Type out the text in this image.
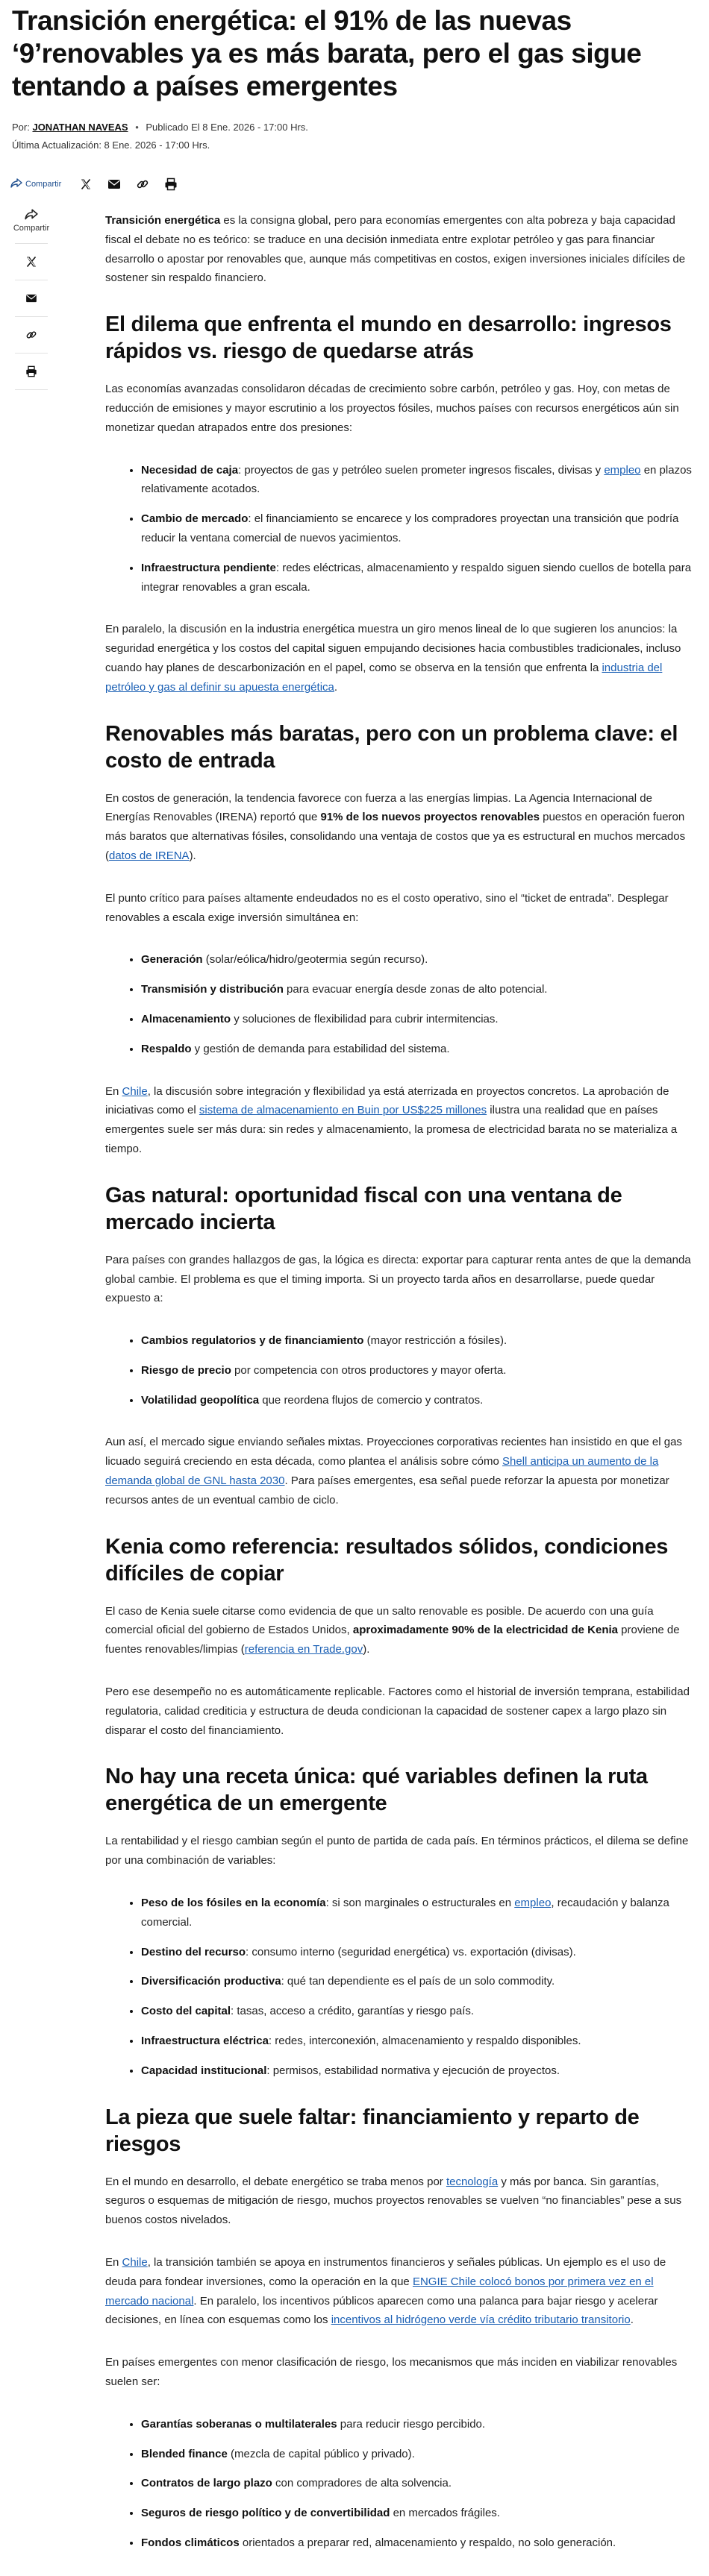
Transición energética: el 91% de las nuevas ‘9’renovables ya es más barata, pero el gas sigue tentando a países emergentes
Por: JONATHAN NAVEAS • Publicado El 8 Ene. 2026 - 17:00 Hrs.
Última Actualización: 8 Ene. 2026 - 17:00 Hrs.
Compartir
Compartir

Transición energética es la consigna global, pero para economías emergentes con alta pobreza y baja capacidad fiscal el debate no es teórico: se traduce en una decisión inmediata entre explotar petróleo y gas para financiar desarrollo o apostar por renovables que, aunque más competitivas en costos, exigen inversiones iniciales difíciles de sostener sin respaldo financiero.

El dilema que enfrenta el mundo en desarrollo: ingresos rápidos vs. riesgo de quedarse atrás

Las economías avanzadas consolidaron décadas de crecimiento sobre carbón, petróleo y gas. Hoy, con metas de reducción de emisiones y mayor escrutinio a los proyectos fósiles, muchos países con recursos energéticos aún sin monetizar quedan atrapados entre dos presiones:

• Necesidad de caja: proyectos de gas y petróleo suelen prometer ingresos fiscales, divisas y empleo en plazos relativamente acotados.
• Cambio de mercado: el financiamiento se encarece y los compradores proyectan una transición que podría reducir la ventana comercial de nuevos yacimientos.
• Infraestructura pendiente: redes eléctricas, almacenamiento y respaldo siguen siendo cuellos de botella para integrar renovables a gran escala.

En paralelo, la discusión en la industria energética muestra un giro menos lineal de lo que sugieren los anuncios: la seguridad energética y los costos del capital siguen empujando decisiones hacia combustibles tradicionales, incluso cuando hay planes de descarbonización en el papel, como se observa en la tensión que enfrenta la industria del petróleo y gas al definir su apuesta energética.

Renovables más baratas, pero con un problema clave: el costo de entrada

En costos de generación, la tendencia favorece con fuerza a las energías limpias. La Agencia Internacional de Energías Renovables (IRENA) reportó que 91% de los nuevos proyectos renovables puestos en operación fueron más baratos que alternativas fósiles, consolidando una ventaja de costos que ya es estructural en muchos mercados (datos de IRENA).

El punto crítico para países altamente endeudados no es el costo operativo, sino el “ticket de entrada”. Desplegar renovables a escala exige inversión simultánea en:

• Generación (solar/eólica/hidro/geotermia según recurso).
• Transmisión y distribución para evacuar energía desde zonas de alto potencial.
• Almacenamiento y soluciones de flexibilidad para cubrir intermitencias.
• Respaldo y gestión de demanda para estabilidad del sistema.

En Chile, la discusión sobre integración y flexibilidad ya está aterrizada en proyectos concretos. La aprobación de iniciativas como el sistema de almacenamiento en Buin por US$225 millones ilustra una realidad que en países emergentes suele ser más dura: sin redes y almacenamiento, la promesa de electricidad barata no se materializa a tiempo.

Gas natural: oportunidad fiscal con una ventana de mercado incierta

Para países con grandes hallazgos de gas, la lógica es directa: exportar para capturar renta antes de que la demanda global cambie. El problema es que el timing importa. Si un proyecto tarda años en desarrollarse, puede quedar expuesto a:

• Cambios regulatorios y de financiamiento (mayor restricción a fósiles).
• Riesgo de precio por competencia con otros productores y mayor oferta.
• Volatilidad geopolítica que reordena flujos de comercio y contratos.

Aun así, el mercado sigue enviando señales mixtas. Proyecciones corporativas recientes han insistido en que el gas licuado seguirá creciendo en esta década, como plantea el análisis sobre cómo Shell anticipa un aumento de la demanda global de GNL hasta 2030. Para países emergentes, esa señal puede reforzar la apuesta por monetizar recursos antes de un eventual cambio de ciclo.

Kenia como referencia: resultados sólidos, condiciones difíciles de copiar

El caso de Kenia suele citarse como evidencia de que un salto renovable es posible. De acuerdo con una guía comercial oficial del gobierno de Estados Unidos, aproximadamente 90% de la electricidad de Kenia proviene de fuentes renovables/limpias (referencia en Trade.gov).

Pero ese desempeño no es automáticamente replicable. Factores como el historial de inversión temprana, estabilidad regulatoria, calidad crediticia y estructura de deuda condicionan la capacidad de sostener capex a largo plazo sin disparar el costo del financiamiento.

No hay una receta única: qué variables definen la ruta energética de un emergente

La rentabilidad y el riesgo cambian según el punto de partida de cada país. En términos prácticos, el dilema se define por una combinación de variables:

• Peso de los fósiles en la economía: si son marginales o estructurales en empleo, recaudación y balanza comercial.
• Destino del recurso: consumo interno (seguridad energética) vs. exportación (divisas).
• Diversificación productiva: qué tan dependiente es el país de un solo commodity.
• Costo del capital: tasas, acceso a crédito, garantías y riesgo país.
• Infraestructura eléctrica: redes, interconexión, almacenamiento y respaldo disponibles.
• Capacidad institucional: permisos, estabilidad normativa y ejecución de proyectos.
La pieza que suele faltar: financiamiento y reparto de riesgos

En el mundo en desarrollo, el debate energético se traba menos por tecnología y más por banca. Sin garantías, seguros o esquemas de mitigación de riesgo, muchos proyectos renovables se vuelven “no financiables” pese a sus buenos costos nivelados.

En Chile, la transición también se apoya en instrumentos financieros y señales públicas. Un ejemplo es el uso de deuda para fondear inversiones, como la operación en la que ENGIE Chile colocó bonos por primera vez en el mercado nacional. En paralelo, los incentivos públicos aparecen como una palanca para bajar riesgo y acelerar decisiones, en línea con esquemas como los incentivos al hidrógeno verde vía crédito tributario transitorio.

En países emergentes con menor clasificación de riesgo, los mecanismos que más inciden en viabilizar renovables suelen ser:

• Garantías soberanas o multilaterales para reducir riesgo percibido.
• Blended finance (mezcla de capital público y privado).
• Contratos de largo plazo con compradores de alta solvencia.
• Seguros de riesgo político y de convertibilidad en mercados frágiles.
• Fondos climáticos orientados a preparar red, almacenamiento y respaldo, no solo generación.
